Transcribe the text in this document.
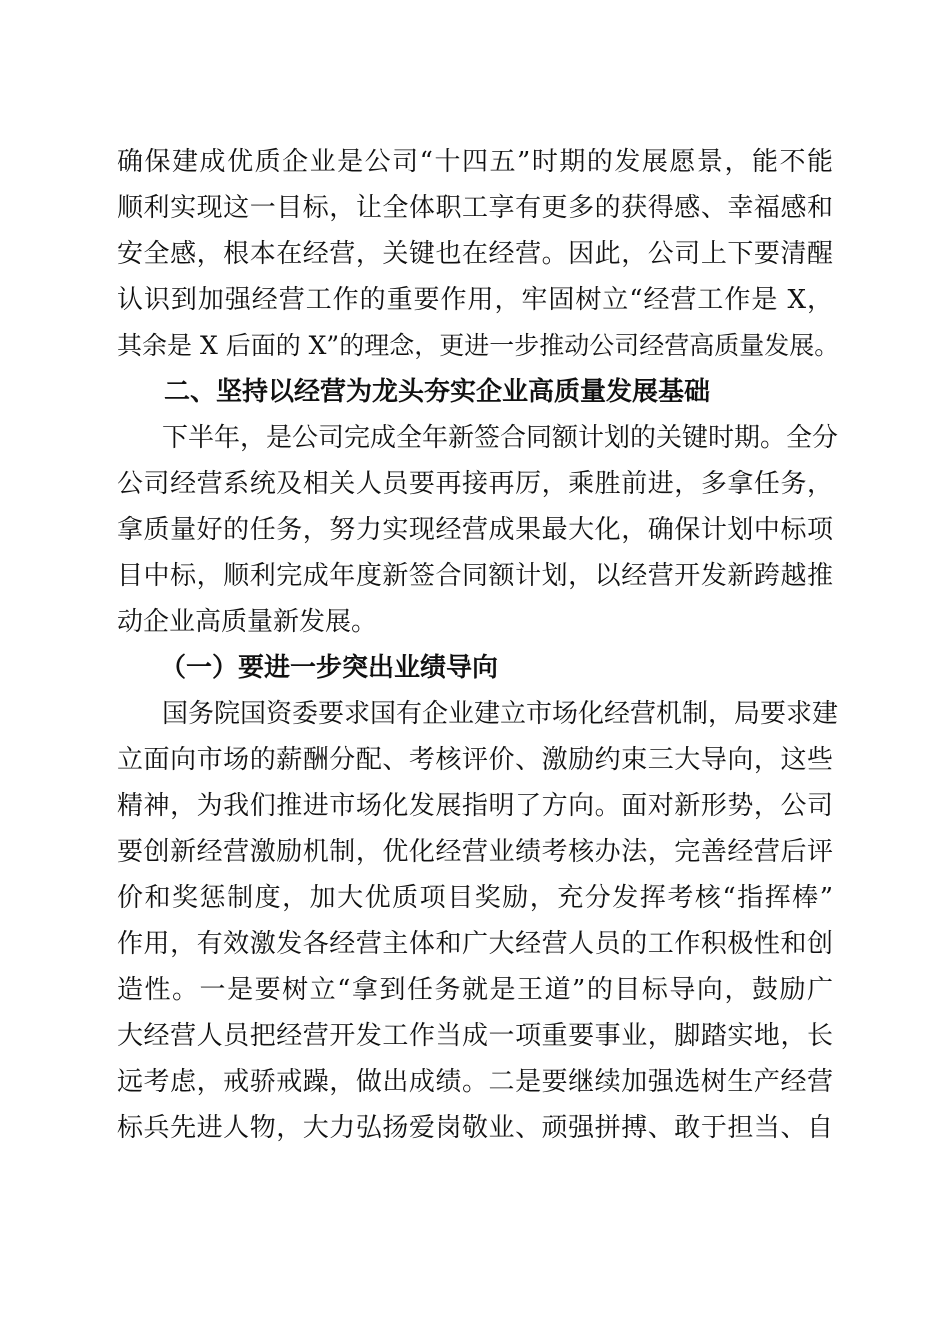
确保建成优质企业是公司“十四五”时期的发展愿景，能不能
顺利实现这一目标，让全体职工享有更多的获得感、幸福感和
安全感，根本在经营，关键也在经营。因此，公司上下要清醒
认识到加强经营工作的重要作用，牢固树立“经营工作是 X，
其余是 X 后面的 X”的理念，更进一步推动公司经营高质量发展。
二、坚持以经营为龙头夯实企业高质量发展基础
下半年，是公司完成全年新签合同额计划的关键时期。全分
公司经营系统及相关人员要再接再厉，乘胜前进，多拿任务，
拿质量好的任务，努力实现经营成果最大化，确保计划中标项
目中标，顺利完成年度新签合同额计划，以经营开发新跨越推
动企业高质量新发展。
（一）要进一步突出业绩导向
国务院国资委要求国有企业建立市场化经营机制，局要求建
立面向市场的薪酬分配、考核评价、激励约束三大导向，这些
精神，为我们推进市场化发展指明了方向。面对新形势，公司
要创新经营激励机制，优化经营业绩考核办法，完善经营后评
价和奖惩制度，加大优质项目奖励，充分发挥考核“指挥棒”
作用，有效激发各经营主体和广大经营人员的工作积极性和创
造性。一是要树立“拿到任务就是王道”的目标导向，鼓励广
大经营人员把经营开发工作当成一项重要事业，脚踏实地，长
远考虑，戒骄戒躁，做出成绩。二是要继续加强选树生产经营
标兵先进人物，大力弘扬爱岗敬业、顽强拼搏、敢于担当、自
